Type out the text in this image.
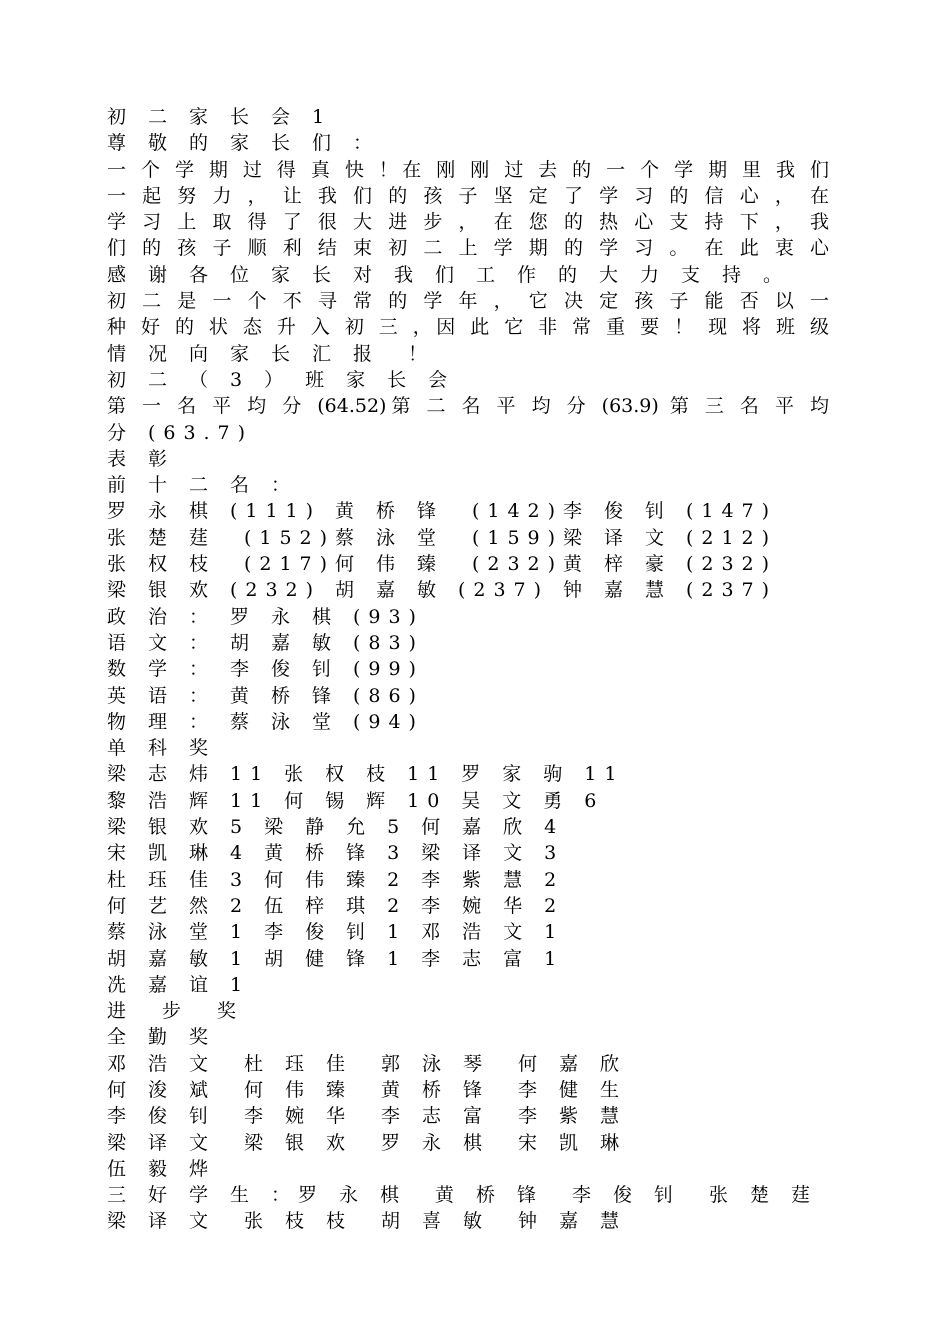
初 二 家 长 会 1
尊 敬 的 家 长 们 ：
一 个 学 期 过 得 真 快 ！在 刚 刚 过 去 的 一 个 学 期 里 我 们
一 起 努 力 ， 让 我 们 的 孩 子 坚 定 了 学 习 的 信 心 ， 在
学 习 上 取 得 了 很 大 进 步 ， 在 您 的 热 心 支 持 下 ， 我
们 的 孩 子 顺 利 结 束 初 二 上 学 期 的 学 习 。 在 此 衷 心
感 谢 各 位 家 长 对 我 们 工 作 的 大 力 支 持 。
初 二 是 一 个 不 寻 常 的 学 年 ， 它 决 定 孩 子 能 否 以 一
种 好 的 状 态 升 入 初 三 ，因 此 它 非 常 重 要 ！ 现 将 班 级
情 况 向 家 长 汇 报  ！
初 二 （ 3 ） 班 家 长 会
第 一 名 平 均 分 (64.52)第 二 名 平 均 分 (63.9) 第 三 名 平 均
分 (63.7)
表 彰
前 十 二 名 ：
罗 永 棋 (111) 黄 桥 锋  (142)李 俊 钊 (147)
张 楚 莛  (152)蔡 泳 堂  (159)梁 译 文 (212)
张 权 枝  (217)何 伟 臻  (232)黄 梓 豪 (232)
梁 银 欢 (232) 胡 嘉 敏 (237) 钟 嘉 慧 (237)
政 治 ： 罗 永 棋 (93)
语 文 ： 胡 嘉 敏 (83)
数 学 ： 李 俊 钊 (99)
英 语 ： 黄 桥 锋 (86)
物 理 ： 蔡 泳 堂 (94)
单 科 奖
梁 志 炜 11 张 权 枝 11 罗 家 驹 11
黎 浩 辉 11 何 锡 辉 10 吴 文 勇 6
梁 银 欢 5 梁 静 允 5 何 嘉 欣 4
宋 凯 琳 4 黄 桥 锋 3 梁 译 文 3
杜 珏 佳 3 何 伟 臻 2 李 紫 慧 2
何 艺 然 2 伍 梓 琪 2 李 婉 华 2
蔡 泳 堂 1 李 俊 钊 1 邓 浩 文 1
胡 嘉 敏 1 胡 健 锋 1 李 志 富 1
冼 嘉 谊 1
进  步  奖
全 勤 奖
邓 浩 文  杜 珏 佳  郭 泳 琴  何 嘉 欣
何 浚 斌  何 伟 臻  黄 桥 锋  李 健 生
李 俊 钊  李 婉 华  李 志 富  李 紫 慧
梁 译 文  梁 银 欢  罗 永 棋  宋 凯 琳
伍 毅 烨
三 好 学 生 ：罗 永 棋  黄 桥 锋  李 俊 钊  张 楚 莛
梁 译 文  张 枝 枝  胡 喜 敏  钟 嘉 慧
